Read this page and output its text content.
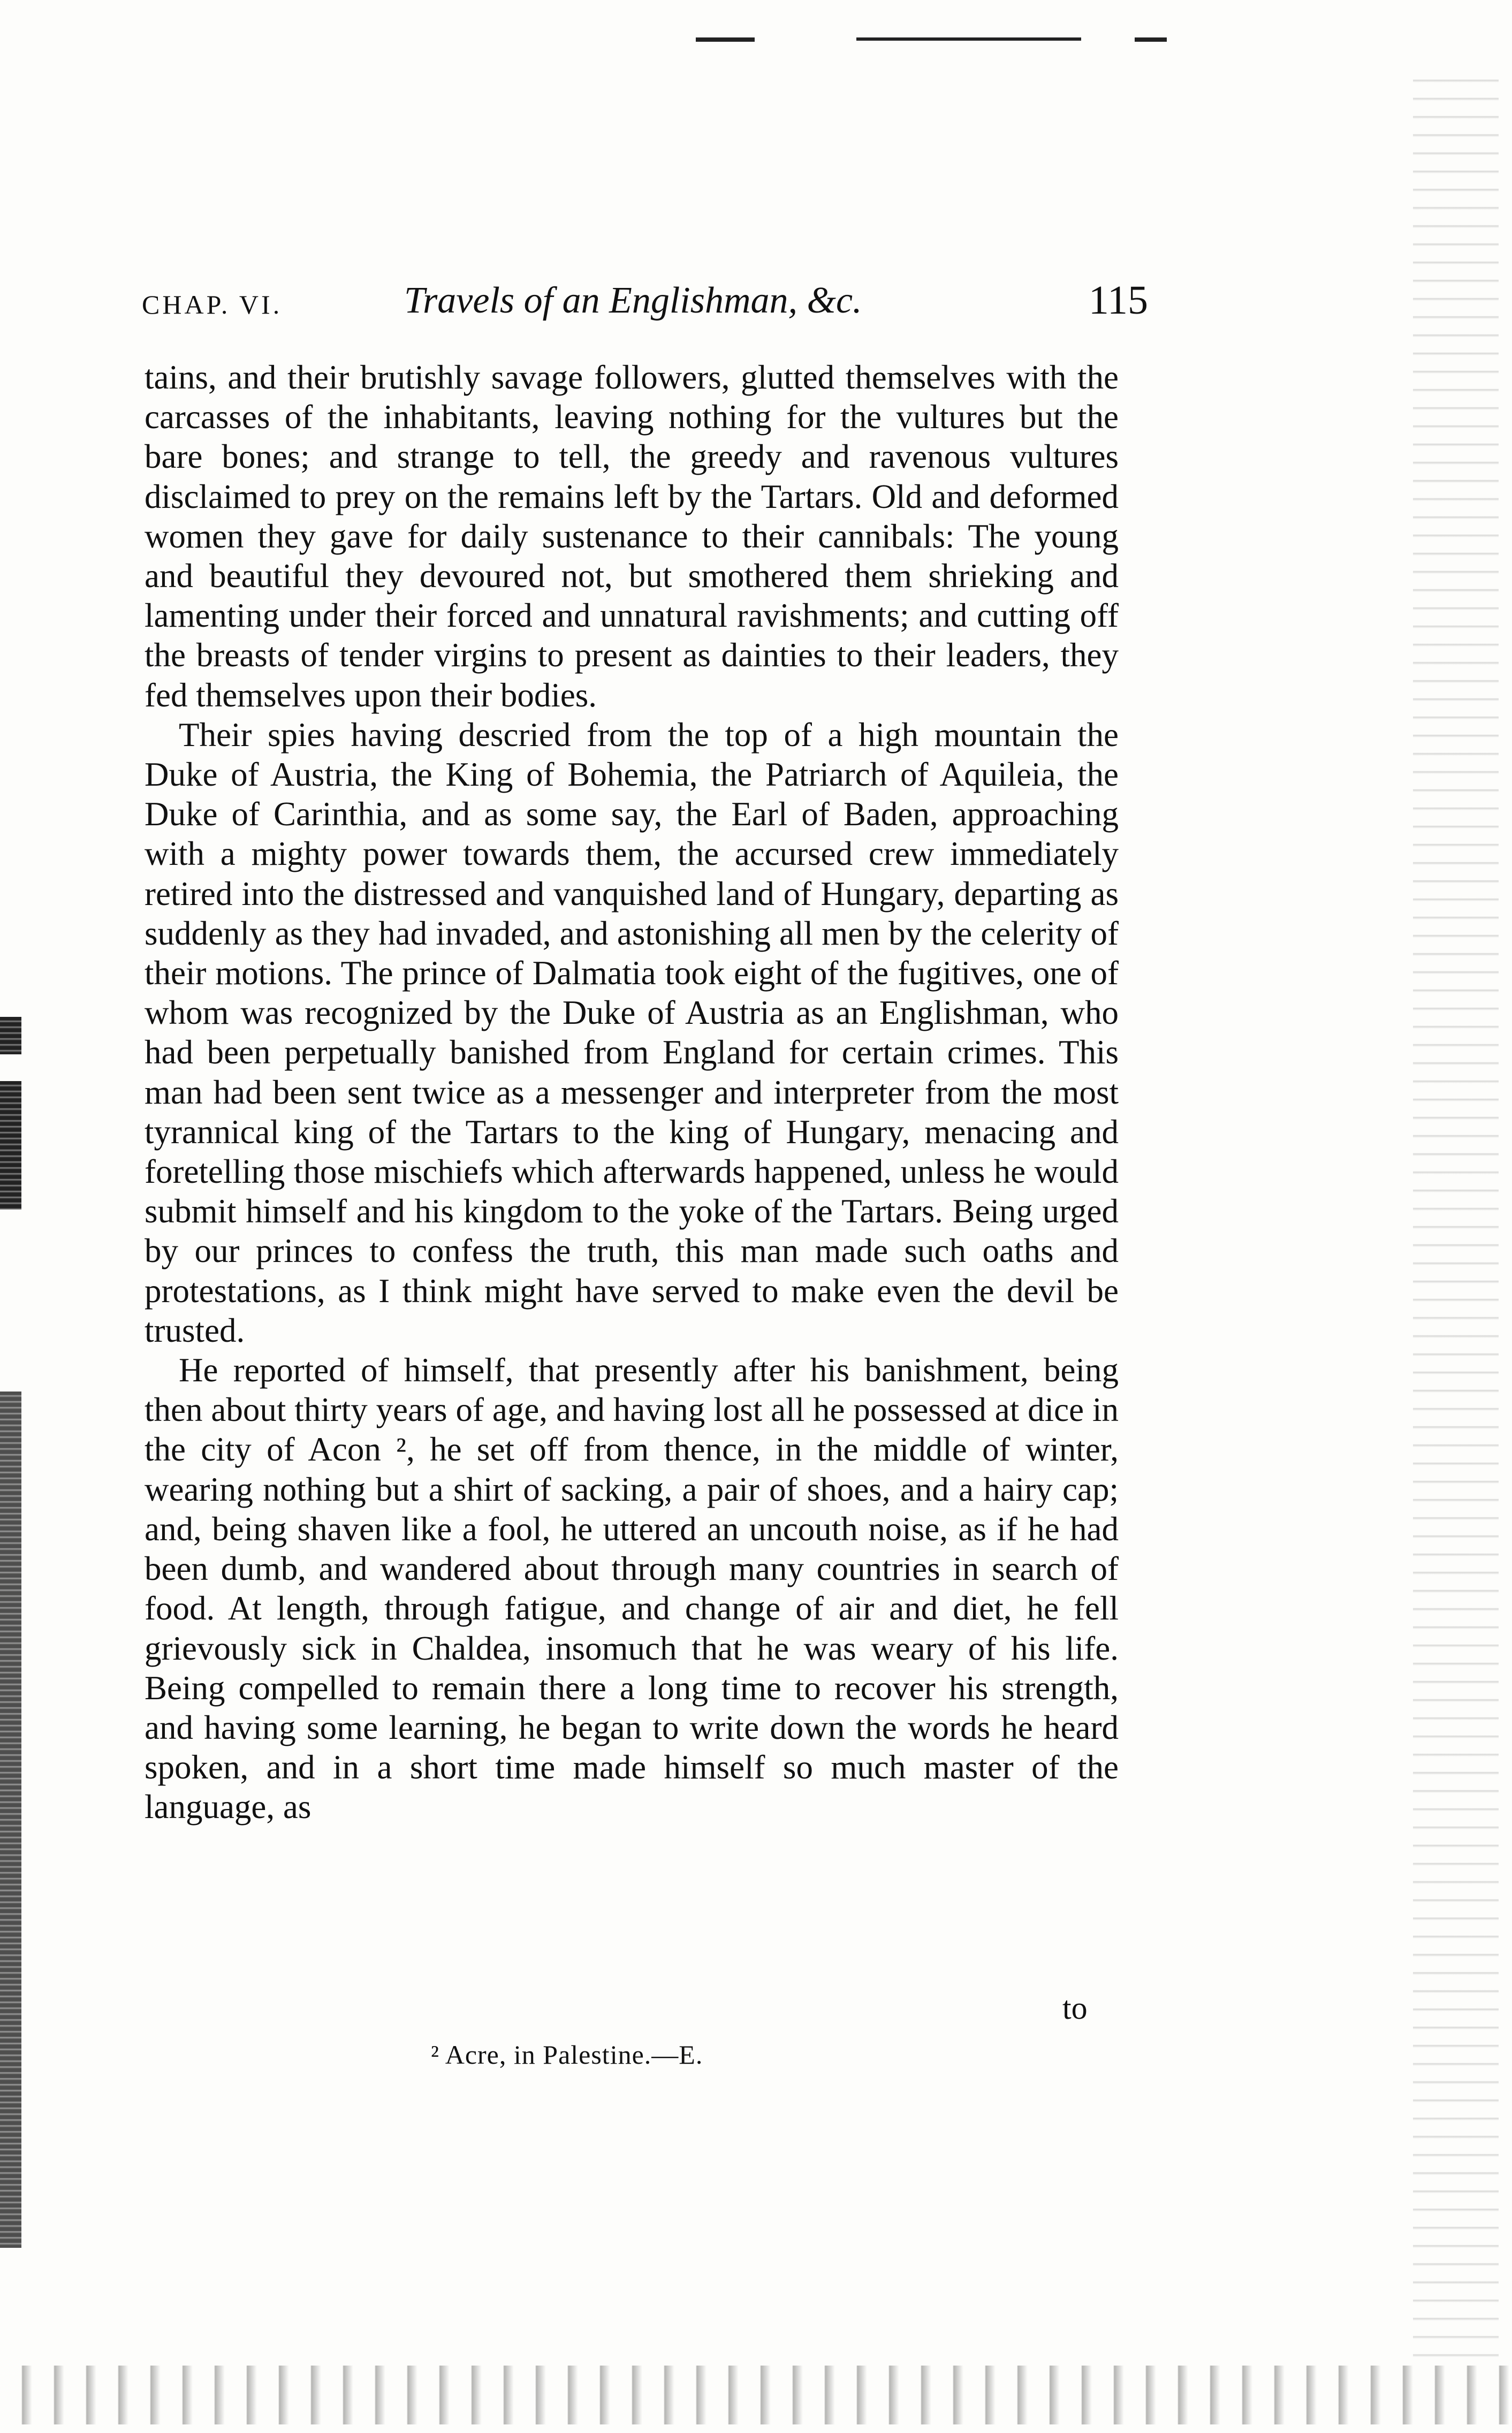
CHAP. VI.	Travels of an Englishman, &c.	115

tains, and their brutishly savage followers, glutted themselves with the carcasses of the inhabitants, leaving nothing for the vultures but the bare bones; and strange to tell, the greedy and ravenous vultures disclaimed to prey on the remains left by the Tartars. Old and deformed women they gave for daily sustenance to their cannibals: The young and beautiful they devoured not, but smothered them shrieking and lamenting under their forced and unnatural ravishments; and cutting off the breasts of tender virgins to present as dainties to their leaders, they fed themselves upon their bodies.

Their spies having descried from the top of a high mountain the Duke of Austria, the King of Bohemia, the Patriarch of Aquileia, the Duke of Carinthia, and as some say, the Earl of Baden, approaching with a mighty power towards them, the accursed crew immediately retired into the distressed and vanquished land of Hungary, departing as suddenly as they had invaded, and astonishing all men by the celerity of their motions. The prince of Dalmatia took eight of the fugitives, one of whom was recognized by the Duke of Austria as an Englishman, who had been perpetually banished from England for certain crimes. This man had been sent twice as a messenger and interpreter from the most tyrannical king of the Tartars to the king of Hungary, menacing and foretelling those mischiefs which afterwards happened, unless he would submit himself and his kingdom to the yoke of the Tartars. Being urged by our princes to confess the truth, this man made such oaths and protestations, as I think might have served to make even the devil be trusted.

He reported of himself, that presently after his banishment, being then about thirty years of age, and having lost all he possessed at dice in the city of Acon ², he set off from thence, in the middle of winter, wearing nothing but a shirt of sacking, a pair of shoes, and a hairy cap; and, being shaven like a fool, he uttered an uncouth noise, as if he had been dumb, and wandered about through many countries in search of food. At length, through fatigue, and change of air and diet, he fell grievously sick in Chaldea, insomuch that he was weary of his life. Being compelled to remain there a long time to recover his strength, and having some learning, he began to write down the words he heard spoken, and in a short time made himself so much master of the language, as

to
² Acre, in Palestine.—E.
